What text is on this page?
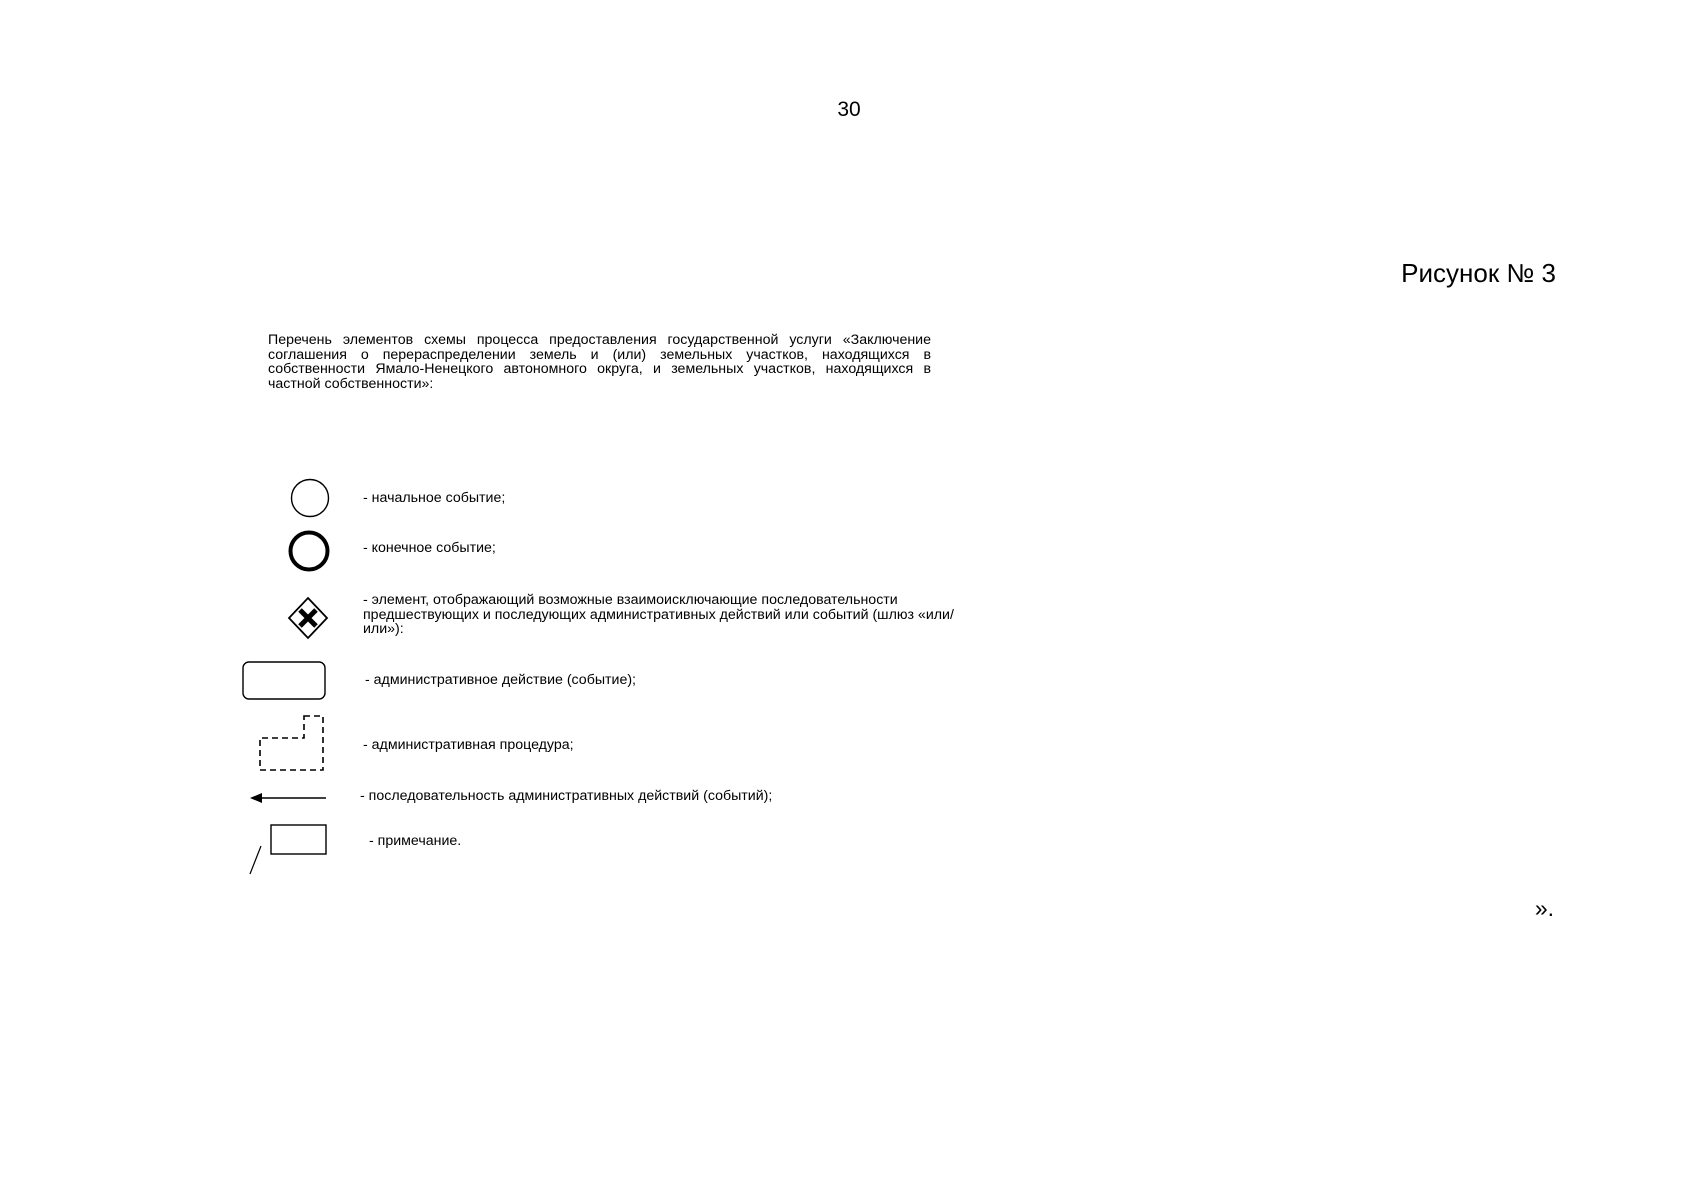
30
Рисунок № 3
Перечень элементов схемы процесса предоставления государственной услуги «Заключение соглашения о перераспределении земель и (или) земельных участков, находящихся в собственности Ямало-Ненецкого автономного округа, и земельных участков, находящихся в частной собственности»:
- начальное событие;
- конечное событие;
- элемент, отображающий возможные взаимоисключающие последовательности предшествующих и последующих административных действий или событий (шлюз «или/или»):
- административное действие (событие);
- административная процедура;
- последовательность административных действий (событий);
- примечание.
».
